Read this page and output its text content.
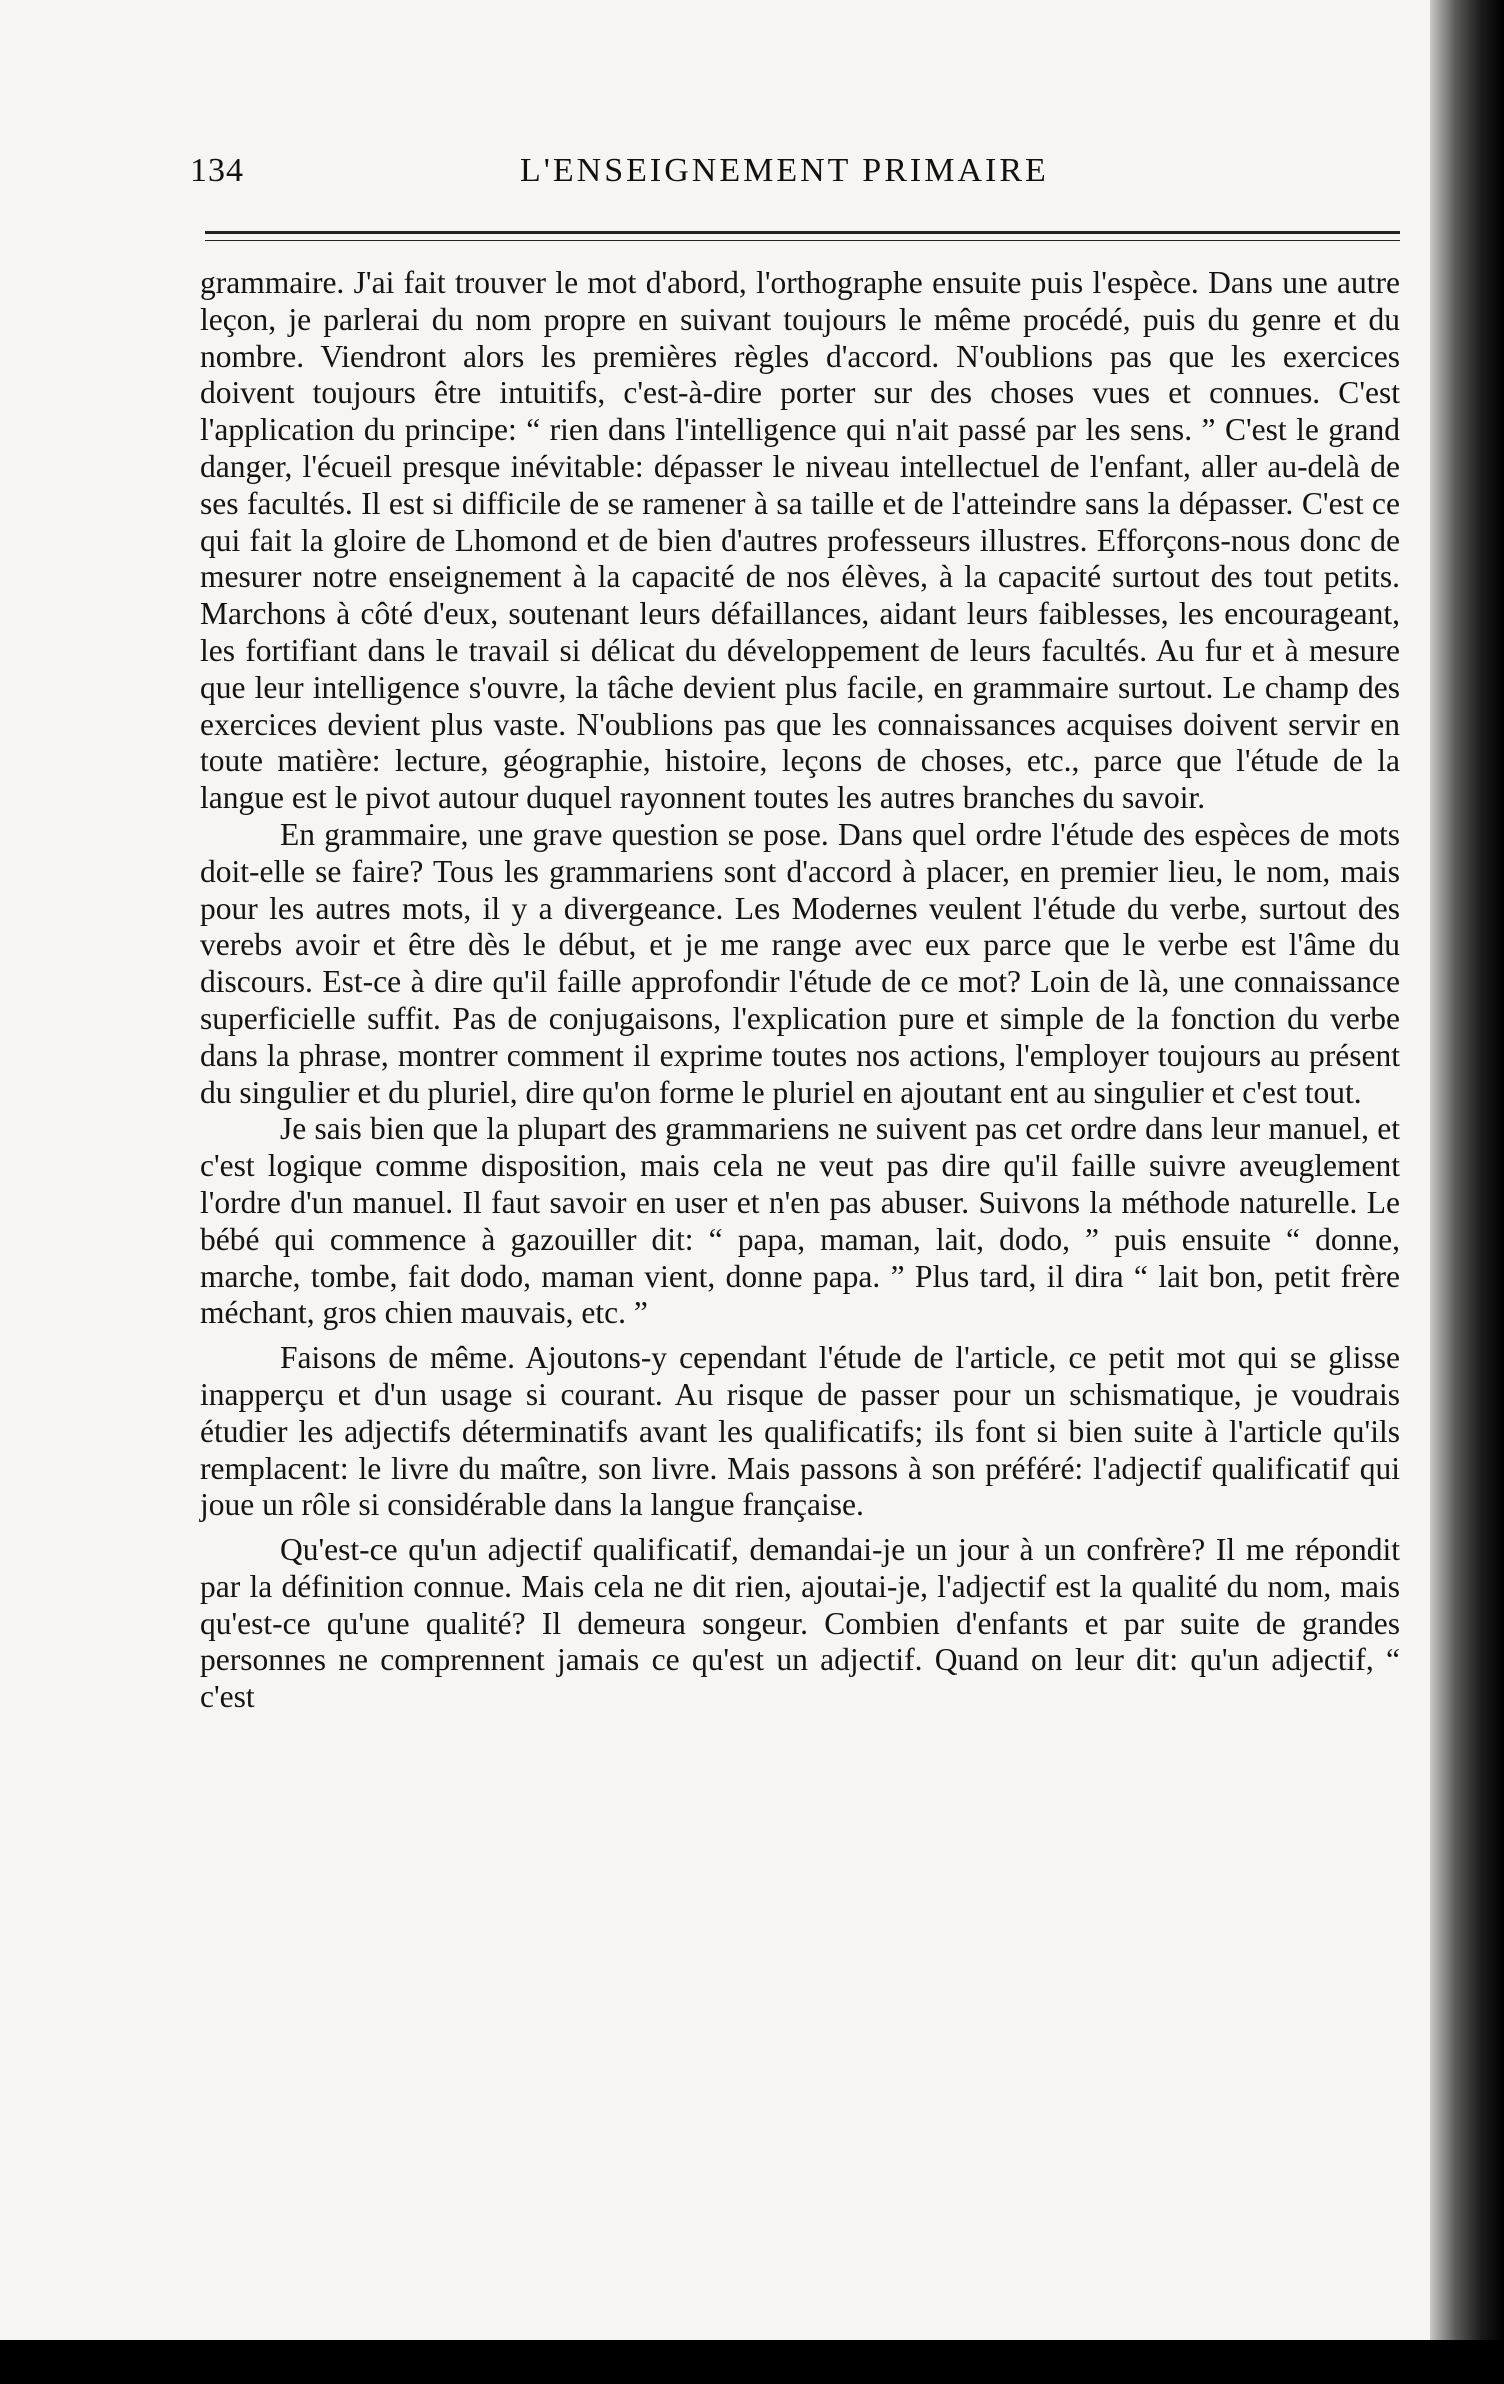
134	L'ENSEIGNEMENT PRIMAIRE

grammaire. J'ai fait trouver le mot d'abord, l'orthographe ensuite puis l'espèce. Dans une autre leçon, je parlerai du nom propre en suivant toujours le même procédé, puis du genre et du nombre. Viendront alors les premières règles d'accord. N'oublions pas que les exercices doivent toujours être intuitifs, c'est-à-dire porter sur des choses vues et connues. C'est l'application du principe: “ rien dans l'intelligence qui n'ait passé par les sens. ” C'est le grand danger, l'écueil presque inévitable: dépasser le niveau intellectuel de l'enfant, aller au-delà de ses facultés. Il est si difficile de se ramener à sa taille et de l'atteindre sans la dépasser. C'est ce qui fait la gloire de Lhomond et de bien d'autres professeurs illustres. Efforçons-nous donc de mesurer notre enseignement à la capacité de nos élèves, à la capacité surtout des tout petits. Marchons à côté d'eux, soutenant leurs défaillances, aidant leurs faiblesses, les encourageant, les fortifiant dans le travail si délicat du développement de leurs facultés. Au fur et à mesure que leur intelligence s'ouvre, la tâche devient plus facile, en grammaire surtout. Le champ des exercices devient plus vaste. N'oublions pas que les connaissances acquises doivent servir en toute matière: lecture, géographie, histoire, leçons de choses, etc., parce que l'étude de la langue est le pivot autour duquel rayonnent toutes les autres branches du savoir.

En grammaire, une grave question se pose. Dans quel ordre l'étude des espèces de mots doit-elle se faire? Tous les grammariens sont d'accord à placer, en premier lieu, le nom, mais pour les autres mots, il y a divergeance. Les Modernes veulent l'étude du verbe, surtout des verebs avoir et être dès le début, et je me range avec eux parce que le verbe est l'âme du discours. Est-ce à dire qu'il faille approfondir l'étude de ce mot? Loin de là, une connaissance superficielle suffit. Pas de conjugaisons, l'explication pure et simple de la fonction du verbe dans la phrase, montrer comment il exprime toutes nos actions, l'employer toujours au présent du singulier et du pluriel, dire qu'on forme le pluriel en ajoutant ent au singulier et c'est tout.

Je sais bien que la plupart des grammariens ne suivent pas cet ordre dans leur manuel, et c'est logique comme disposition, mais cela ne veut pas dire qu'il faille suivre aveuglement l'ordre d'un manuel. Il faut savoir en user et n'en pas abuser. Suivons la méthode naturelle. Le bébé qui commence à gazouiller dit: “ papa, maman, lait, dodo, ” puis ensuite “ donne, marche, tombe, fait dodo, maman vient, donne papa. ” Plus tard, il dira “ lait bon, petit frère méchant, gros chien mauvais, etc. ”

Faisons de même. Ajoutons-y cependant l'étude de l'article, ce petit mot qui se glisse inapperçu et d'un usage si courant. Au risque de passer pour un schismatique, je voudrais étudier les adjectifs déterminatifs avant les qualificatifs; ils font si bien suite à l'article qu'ils remplacent: le livre du maître, son livre. Mais passons à son préféré: l'adjectif qualificatif qui joue un rôle si considérable dans la langue française.

Qu'est-ce qu'un adjectif qualificatif, demandai-je un jour à un confrère? Il me répondit par la définition connue. Mais cela ne dit rien, ajoutai-je, l'adjectif est la qualité du nom, mais qu'est-ce qu'une qualité? Il demeura songeur. Combien d'enfants et par suite de grandes personnes ne comprennent jamais ce qu'est un adjectif. Quand on leur dit: qu'un adjectif, “ c'est
